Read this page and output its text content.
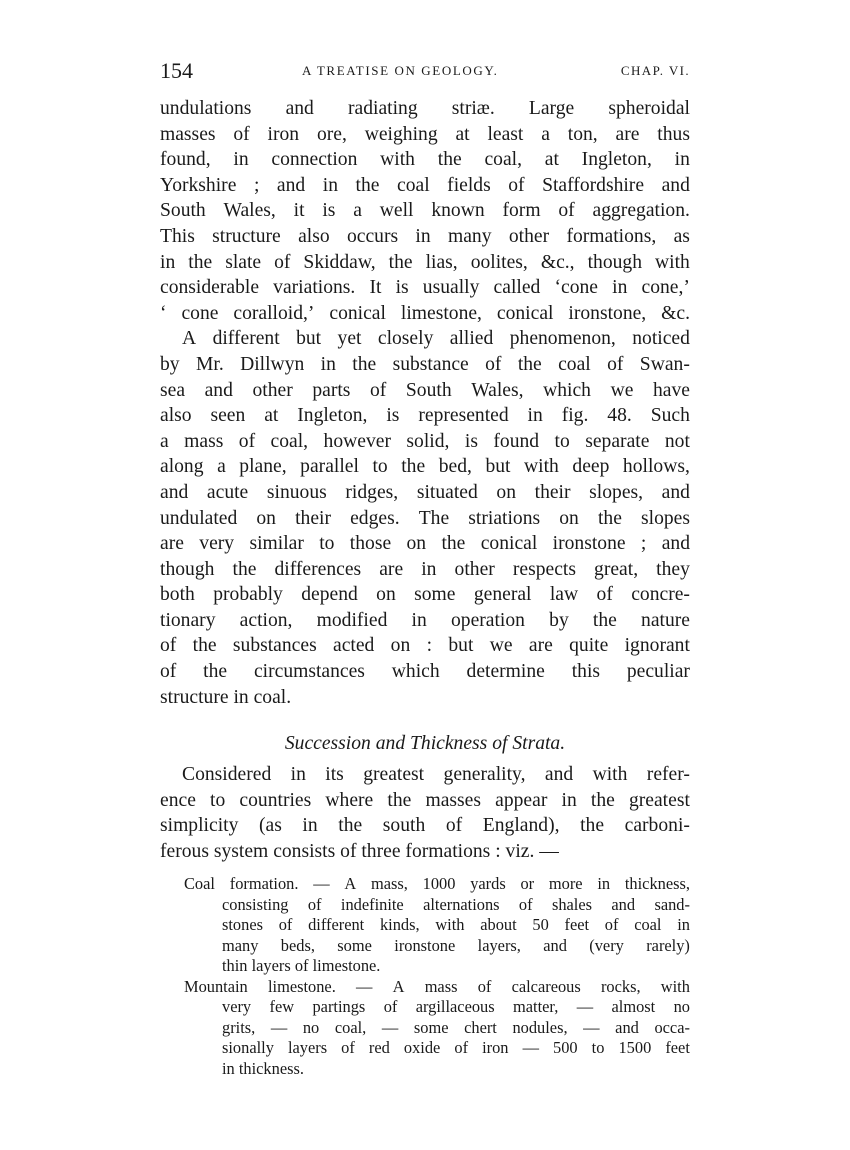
154	A TREATISE ON GEOLOGY.	CHAP. VI.
undulations and radiating striæ. Large spheroidal
masses of iron ore, weighing at least a ton, are thus
found, in connection with the coal, at Ingleton, in
Yorkshire ; and in the coal fields of Staffordshire and
South Wales, it is a well known form of aggregation.
This structure also occurs in many other formations, as
in the slate of Skiddaw, the lias, oolites, &c., though with
considerable variations. It is usually called ‘cone in cone,’
‘ cone coralloid,’ conical limestone, conical ironstone, &c.
A different but yet closely allied phenomenon, noticed
by Mr. Dillwyn in the substance of the coal of Swan-
sea and other parts of South Wales, which we have
also seen at Ingleton, is represented in fig. 48. Such
a mass of coal, however solid, is found to separate not
along a plane, parallel to the bed, but with deep hollows,
and acute sinuous ridges, situated on their slopes, and
undulated on their edges. The striations on the slopes
are very similar to those on the conical ironstone ; and
though the differences are in other respects great, they
both probably depend on some general law of concre-
tionary action, modified in operation by the nature
of the substances acted on : but we are quite ignorant
of the circumstances which determine this peculiar
structure in coal.
Succession and Thickness of Strata.
Considered in its greatest generality, and with refer-
ence to countries where the masses appear in the greatest
simplicity (as in the south of England), the carboni-
ferous system consists of three formations : viz. —
Coal formation. — A mass, 1000 yards or more in thickness,
consisting of indefinite alternations of shales and sand-
stones of different kinds, with about 50 feet of coal in
many beds, some ironstone layers, and (very rarely)
thin layers of limestone.
Mountain limestone. — A mass of calcareous rocks, with
very few partings of argillaceous matter, — almost no
grits, — no coal, — some chert nodules, — and occa-
sionally layers of red oxide of iron — 500 to 1500 feet
in thickness.
